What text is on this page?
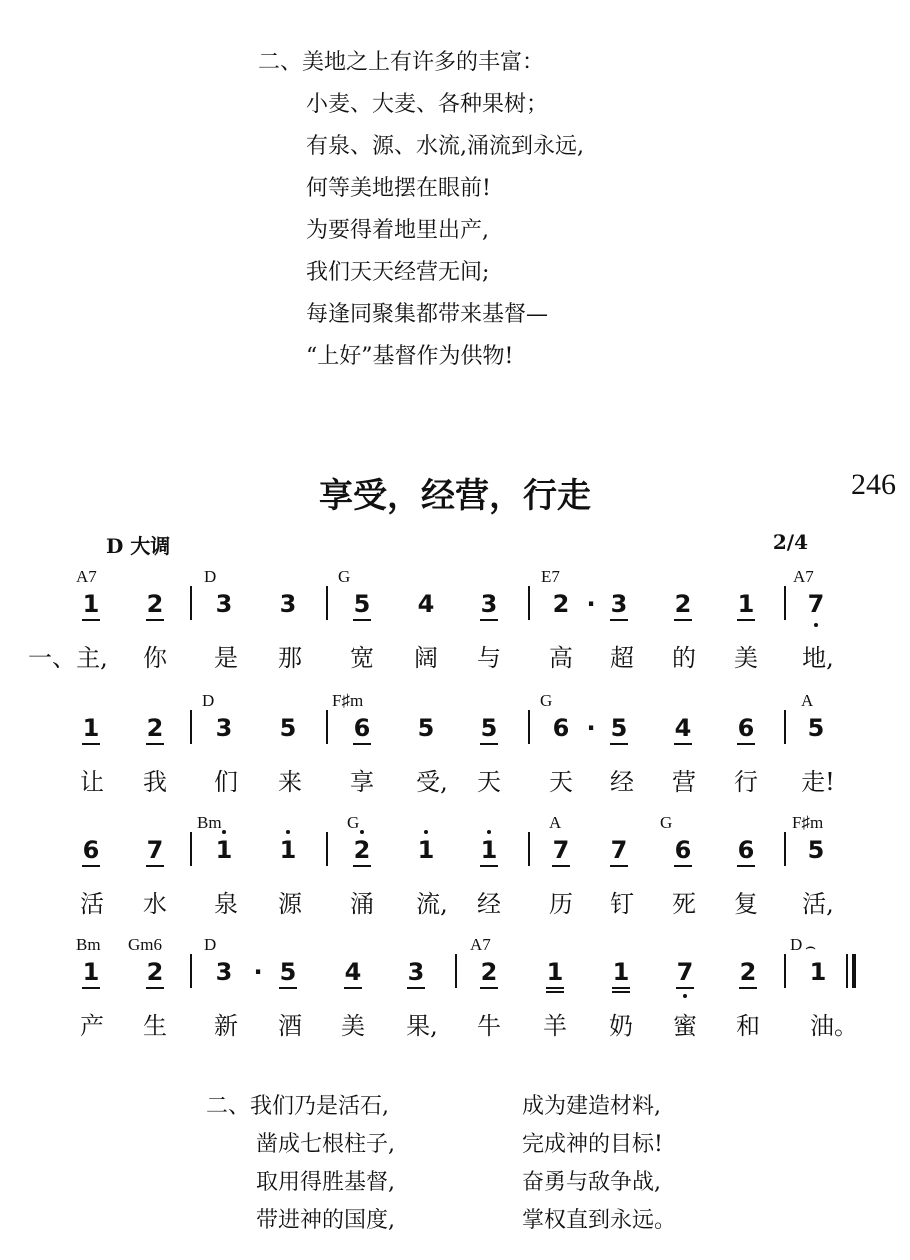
二、美地之上有许多的丰富：
小麦、大麦、各种果树；
有泉、源、水流,涌流到永远,
何等美地摆在眼前!
为要得着地里出产,
我们天天经营无间;
每逢同聚集都带来基督—
“上好”基督作为供物!
享受，经营，行走	246
D 大调	2/4
一、
A7	D	G	E7	A7
1 2 3 3 5 4 3 2 · 3 2 1 7
主, 你 是 那 宽 阔 与 高 超 的 美 地,
D	F♯m	G	A
1 2 3 5 6 5 5 6 · 5 4 6 5
让 我 们 来 享 受, 天 天 经 营 行 走!
Bm	G	A	G	F♯m
6 7 1 1 2 1 1 7 7 6 6 5
活 水 泉 源 涌 流, 经 历 钉 死 复 活,
Bm Gm6 D	A7	D
1 2 3 · 5 4 3 2 1 1 7 2 1
⌢
产 生 新 酒 美 果, 牛 羊 奶 蜜 和 油。
二、我们乃是活石,
凿成七根柱子,
取用得胜基督,
带进神的国度,
成为建造材料,
完成神的目标!
奋勇与敌争战,
掌权直到永远。
